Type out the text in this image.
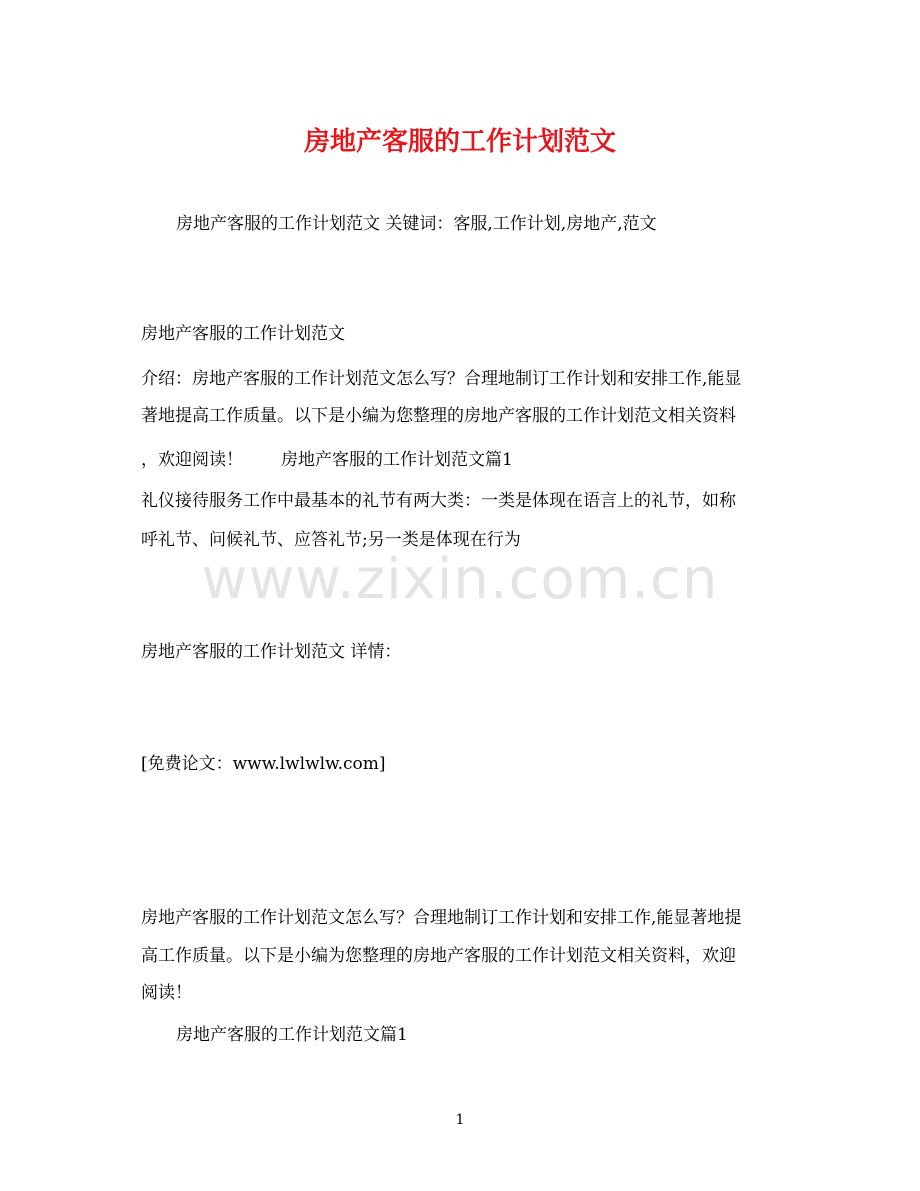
房地产客服的工作计划范文

房地产客服的工作计划范文 关键词：客服,工作计划,房地产,范文

房地产客服的工作计划范文

介绍：房地产客服的工作计划范文怎么写？合理地制订工作计划和安排工作,能显

著地提高工作质量。以下是小编为您整理的房地产客服的工作计划范文相关资料

，欢迎阅读！ 房地产客服的工作计划范文篇1

礼仪接待服务工作中最基本的礼节有两大类：一类是体现在语言上的礼节，如称

呼礼节、问候礼节、应答礼节;另一类是体现在行为

www.zixin.com.cn

房地产客服的工作计划范文 详情：

[免费论文：www.lwlwlw.com]

房地产客服的工作计划范文怎么写？合理地制订工作计划和安排工作,能显著地提

高工作质量。以下是小编为您整理的房地产客服的工作计划范文相关资料，欢迎

阅读！

房地产客服的工作计划范文篇1

1
